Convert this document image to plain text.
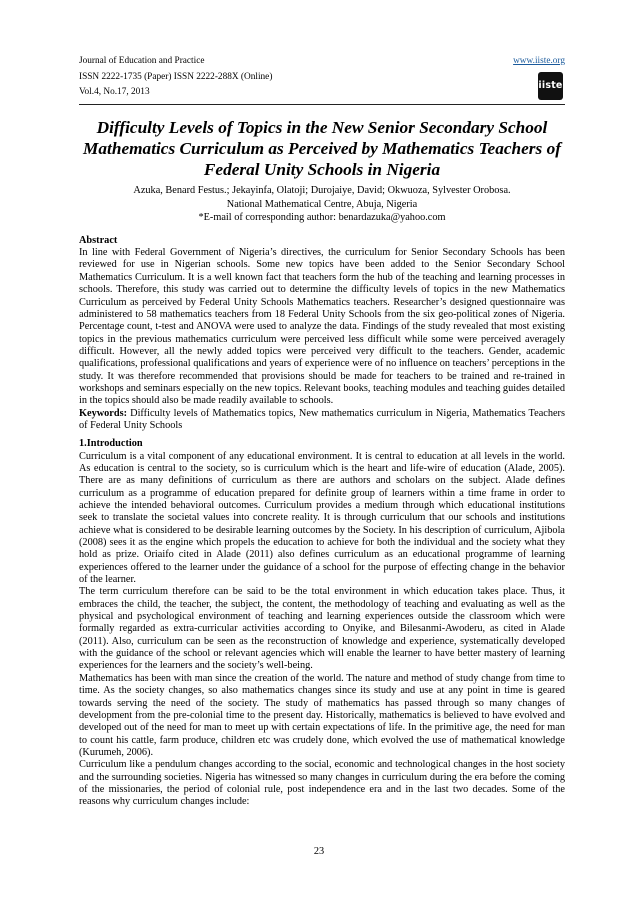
Journal of Education and Practice
ISSN 2222-1735 (Paper) ISSN 2222-288X (Online)
Vol.4, No.17, 2013
www.iiste.org
iiste
Difficulty Levels of Topics in the New Senior Secondary School Mathematics Curriculum as Perceived by Mathematics Teachers of Federal Unity Schools in Nigeria
Azuka, Benard Festus.; Jekayinfa, Olatoji; Durojaiye, David; Okwuoza, Sylvester Orobosa.
National Mathematical Centre, Abuja, Nigeria
*E-mail of corresponding author: benardazuka@yahoo.com

Abstract

In line with Federal Government of Nigeria’s directives, the curriculum for Senior Secondary Schools has been reviewed for use in Nigerian schools. Some new topics have been added to the Senior Secondary School Mathematics Curriculum. It is a well known fact that teachers form the hub of the teaching and learning processes in schools. Therefore, this study was carried out to determine the difficulty levels of topics in the new Mathematics Curriculum as perceived by Federal Unity Schools Mathematics teachers. Researcher’s designed questionnaire was administered to 58 mathematics teachers from 18 Federal Unity Schools from the six geo-political zones of Nigeria. Percentage count, t-test and ANOVA were used to analyze the data. Findings of the study revealed that most existing topics in the previous mathematics curriculum were perceived less difficult while some were perceived averagely difficult. However, all the newly added topics were perceived very difficult to the teachers. Gender, academic qualifications, professional qualifications and years of experience were of no influence on teachers’ perceptions in the study. It was therefore recommended that provisions should be made for teachers to be trained and re-trained in workshops and seminars especially on the new topics. Relevant books, teaching modules and teaching guides detailed in the topics should also be made readily available to schools.

Keywords: Difficulty levels of Mathematics topics, New mathematics curriculum in Nigeria, Mathematics Teachers of Federal Unity Schools

1.Introduction

Curriculum is a vital component of any educational environment. It is central to education at all levels in the world. As education is central to the society, so is curriculum which is the heart and life-wire of education (Alade, 2005). There are as many definitions of curriculum as there are authors and scholars on the subject. Alade defines curriculum as a programme of education prepared for definite group of learners within a time frame in order to achieve the intended behavioral outcomes. Curriculum provides a medium through which educational institutions seek to translate the societal values into concrete reality. It is through curriculum that our schools and institutions achieve what is considered to be desirable learning outcomes by the Society. In his description of curriculum, Ajibola (2008) sees it as the engine which propels the education to achieve for both the individual and the society what they hold as prize. Oriaifo cited in Alade (2011) also defines curriculum as an educational programme of learning experiences offered to the learner under the guidance of a school for the purpose of effecting change in the behavior of the learner.

The term curriculum therefore can be said to be the total environment in which education takes place. Thus, it embraces the child, the teacher, the subject, the content, the methodology of teaching and evaluating as well as the physical and psychological environment of teaching and learning experiences outside the classroom which were formally regarded as extra-curricular activities according to Onyike, and Bilesanmi-Awoderu, as cited in Alade (2011). Also, curriculum can be seen as the reconstruction of knowledge and experience, systematically developed with the guidance of the school or relevant agencies which will enable the learner to have better mastery of learning experiences for the learners and the society’s well-being.

Mathematics has been with man since the creation of the world. The nature and method of study change from time to time. As the society changes, so also mathematics changes since its study and use at any point in time is geared towards serving the need of the society. The study of mathematics has passed through so many changes of development from the pre-colonial time to the present day. Historically, mathematics is believed to have evolved and developed out of the need for man to meet up with certain expectations of life. In the primitive age, the need for man to count his cattle, farm produce, children etc was crudely done, which evolved the use of mathematical knowledge (Kurumeh, 2006).

Curriculum like a pendulum changes according to the social, economic and technological changes in the host society and the surrounding societies. Nigeria has witnessed so many changes in curriculum during the era before the coming of the missionaries, the period of colonial rule, post independence era and in the last two decades. Some of the reasons why curriculum changes include:

23
